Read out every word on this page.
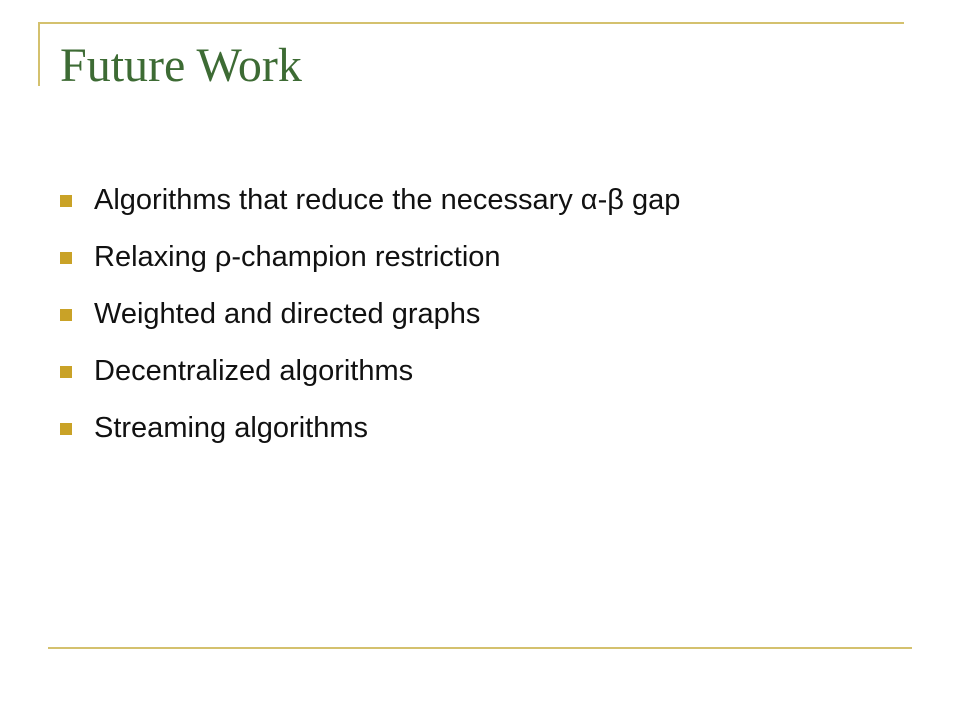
Future Work
Algorithms that reduce the necessary α-β gap
Relaxing ρ-champion restriction
Weighted and directed graphs
Decentralized algorithms
Streaming algorithms
